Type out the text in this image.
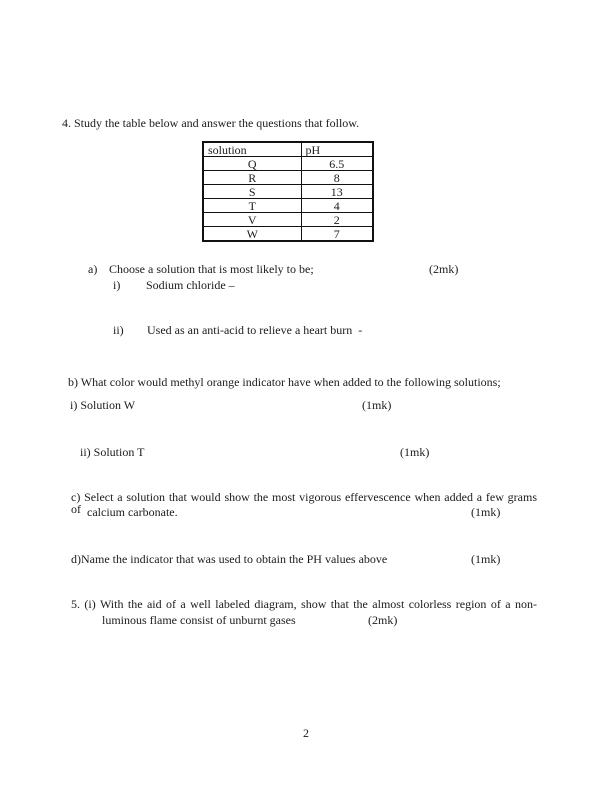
4. Study the table below and answer the questions that follow.
solution	pH
Q	6.5
R	8
S	13
T	4
V	2
W	7
a) Choose a solution that is most likely to be;	(2mk)
i) Sodium chloride –
ii) Used as an anti-acid to relieve a heart burn  -
b) What color would methyl orange indicator have when added to the following solutions;
i) Solution W	(1mk)
ii) Solution T	(1mk)
c) Select a solution that would show the most vigorous effervescence when added a few grams of calcium carbonate.	(1mk)
d)Name the indicator that was used to obtain the PH values above	(1mk)
5. (i) With the aid of a well labeled diagram, show that the almost colorless region of a non-
luminous flame consist of unburnt gases	(2mk)
2
